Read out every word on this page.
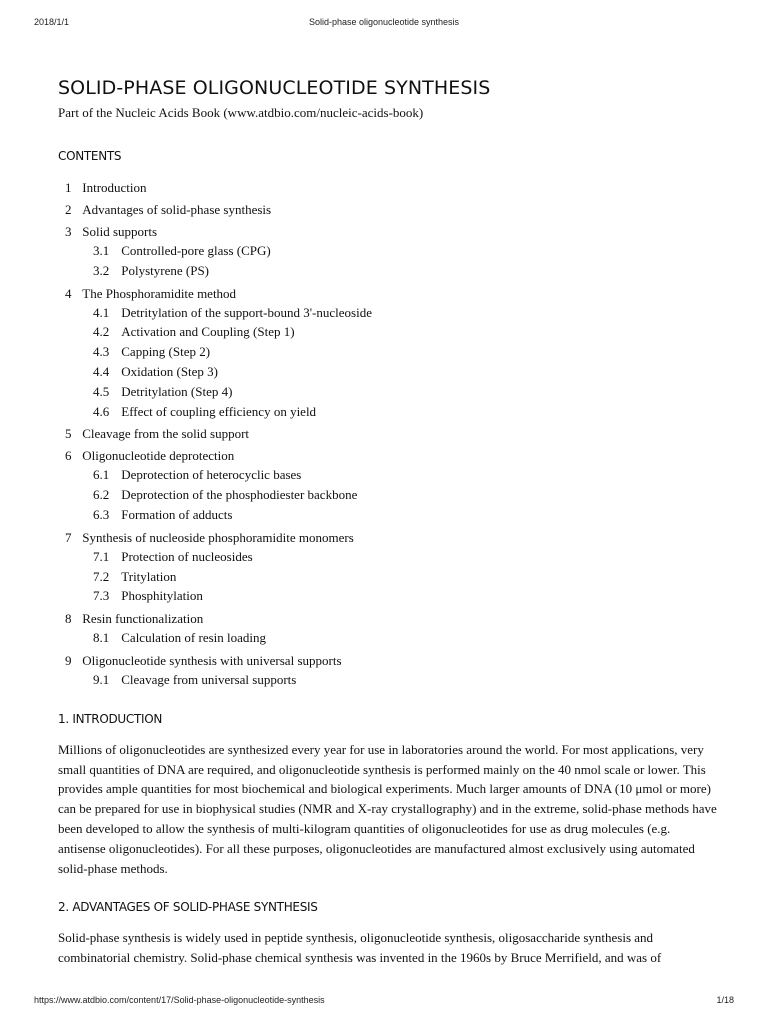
2018/1/1	Solid-phase oligonucleotide synthesis
SOLID-PHASE OLIGONUCLEOTIDE SYNTHESIS
Part of the Nucleic Acids Book (www.atdbio.com/nucleic-acids-book)
CONTENTS
1 Introduction
2 Advantages of solid-phase synthesis
3 Solid supports
3.1 Controlled-pore glass (CPG)
3.2 Polystyrene (PS)
4 The Phosphoramidite method
4.1 Detritylation of the support-bound 3'-nucleoside
4.2 Activation and Coupling (Step 1)
4.3 Capping (Step 2)
4.4 Oxidation (Step 3)
4.5 Detritylation (Step 4)
4.6 Effect of coupling efficiency on yield
5 Cleavage from the solid support
6 Oligonucleotide deprotection
6.1 Deprotection of heterocyclic bases
6.2 Deprotection of the phosphodiester backbone
6.3 Formation of adducts
7 Synthesis of nucleoside phosphoramidite monomers
7.1 Protection of nucleosides
7.2 Tritylation
7.3 Phosphitylation
8 Resin functionalization
8.1 Calculation of resin loading
9 Oligonucleotide synthesis with universal supports
9.1 Cleavage from universal supports
1. INTRODUCTION

Millions of oligonucleotides are synthesized every year for use in laboratories around the world. For most applications, very small quantities of DNA are required, and oligonucleotide synthesis is performed mainly on the 40 nmol scale or lower. This provides ample quantities for most biochemical and biological experiments. Much larger amounts of DNA (10 μmol or more) can be prepared for use in biophysical studies (NMR and X-ray crystallography) and in the extreme, solid-phase methods have been developed to allow the synthesis of multi-kilogram quantities of oligonucleotides for use as drug molecules (e.g. antisense oligonucleotides). For all these purposes, oligonucleotides are manufactured almost exclusively using automated solid-phase methods.

2. ADVANTAGES OF SOLID-PHASE SYNTHESIS

Solid-phase synthesis is widely used in peptide synthesis, oligonucleotide synthesis, oligosaccharide synthesis and combinatorial chemistry. Solid-phase chemical synthesis was invented in the 1960s by Bruce Merrifield, and was of

https://www.atdbio.com/content/17/Solid-phase-oligonucleotide-synthesis	1/18
